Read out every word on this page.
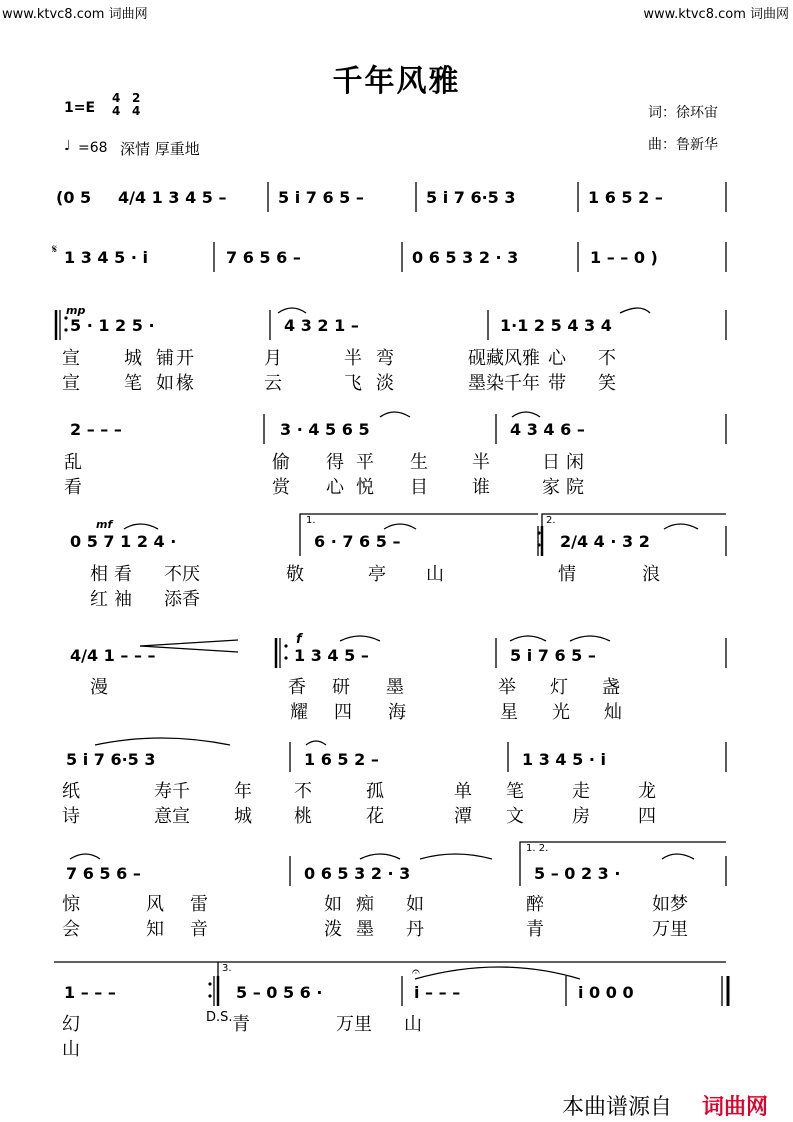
www.ktvc8.com 词曲网	www.ktvc8.com 词曲网
千年风雅
1=E
4
4
2
4
♩ =68 深情 厚重地
词：徐环宙
曲：鲁新华
mp
mf
f
𝄋
1.	2.
1. 2.
3.
D.S.
𝄐
(0 5 4/4 1 3 4 5 –	5 i 7 6 5 –	5 i 7 6·5 3	1 6 5 2 –
1 3 4 5 · i	7 6 5 6 –	0 6 5 3 2 · 3	1 – – 0 )
5 · 1 2 5 ·	4 3 2 1 –	1·1 2 5 4 3 4
宣 城 铺 开	月	半 弯	砚藏风雅 心 不
宣 笔 如 椽	云	飞 淡	墨染千年 带 笑
2 – – –	3 · 4 5 6 5	4 3 4 6 –
乱	偷 得 平 生 半	日 闲
看	赏 心 悦 目 谁	家 院
0 5 7 1 2 4 ·	6 · 7 6 5 –	2/4 4 · 3 2
相 看 不厌	敬	亭 山	情	浪
红 袖 添香
4/4 1 – – –	1 3 4 5 –	5 i 7 6 5 –
漫	香 研 墨	举 灯 盏
耀 四 海	星 光 灿
5 i 7 6·5 3	1 6 5 2 –	1 3 4 5 · i
纸	寿千 年 不	孤	单 笔	走	龙
诗	意宣 城 桃	花	潭 文	房	四
7 6 5 6 –	0 6 5 3 2 · 3	5 – 0 2 3 ·
惊	风 雷	如 痴 如	醉	如梦
会	知 音	泼 墨 丹	青	万里
1 – – –	5 – 0 5 6 ·	i – – –	i 0 0 0
幻	青	万里 山
山
本曲谱源自 词曲网
